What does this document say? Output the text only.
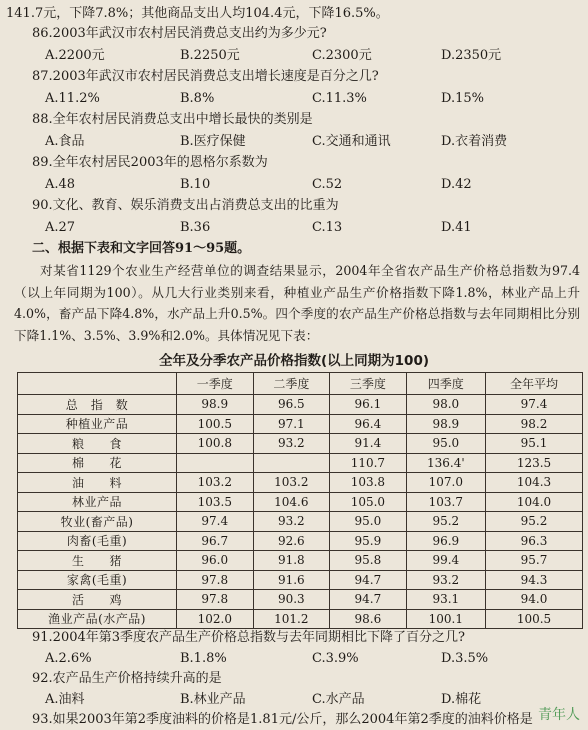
141.7元，下降7.8%；其他商品支出人均104.4元，下降16.5%。
86.2003年武汉市农村居民消费总支出约为多少元?
A.2200元	B.2250元	C.2300元	D.2350元
87.2003年武汉市农村居民消费总支出增长速度是百分之几?
A.11.2%	B.8%	C.11.3%	D.15%
88.全年农村居民消费总支出中增长最快的类别是
A.食品	B.医疗保健	C.交通和通讯	D.衣着消费
89.全年农村居民2003年的恩格尔系数为
A.48	B.10	C.52	D.42
90.文化、教育、娱乐消费支出占消费总支出的比重为
A.27	B.36	C.13	D.41
二、根据下表和文字回答91～95题。
对某省1129个农业生产经营单位的调查结果显示，2004年全省农产品生产价格总指数为97.4（以上年同期为100）。从几大行业类别来看，种植业产品生产价格指数下降1.8%，林业产品上升4.0%，畜产品下降4.8%，水产品上升0.5%。四个季度的农产品生产价格总指数与去年同期相比分别下降1.1%、3.5%、3.9%和2.0%。具体情况见下表：
全年及分季农产品价格指数(以上同期为100)
	一季度	二季度	三季度	四季度	全年平均
总　指　数	98.9	96.5	96.1	98.0	97.4
种植业产品	100.5	97.1	96.4	98.9	98.2
粮　　食	100.8	93.2	91.4	95.0	95.1
棉　　花			110.7	136.4'	123.5
油　　料	103.2	103.2	103.8	107.0	104.3
林业产品	103.5	104.6	105.0	103.7	104.0
牧业(畜产品)	97.4	93.2	95.0	95.2	95.2
肉畜(毛重)	96.7	92.6	95.9	96.9	96.3
生　　猪	96.0	91.8	95.8	99.4	95.7
家禽(毛重)	97.8	91.6	94.7	93.2	94.3
活　　鸡	97.8	90.3	94.7	93.1	94.0
渔业产品(水产品)	102.0	101.2	98.6	100.1	100.5
91.2004年第3季度农产品生产价格总指数与去年同期相比下降了百分之几?
A.2.6%	B.1.8%	C.3.9%	D.3.5%
92.农产品生产价格持续升高的是
A.油料	B.林业产品	C.水产品	D.棉花
93.如果2003年第2季度油料的价格是1.81元/公斤，那么2004年第2季度的油料价格是 青年人
